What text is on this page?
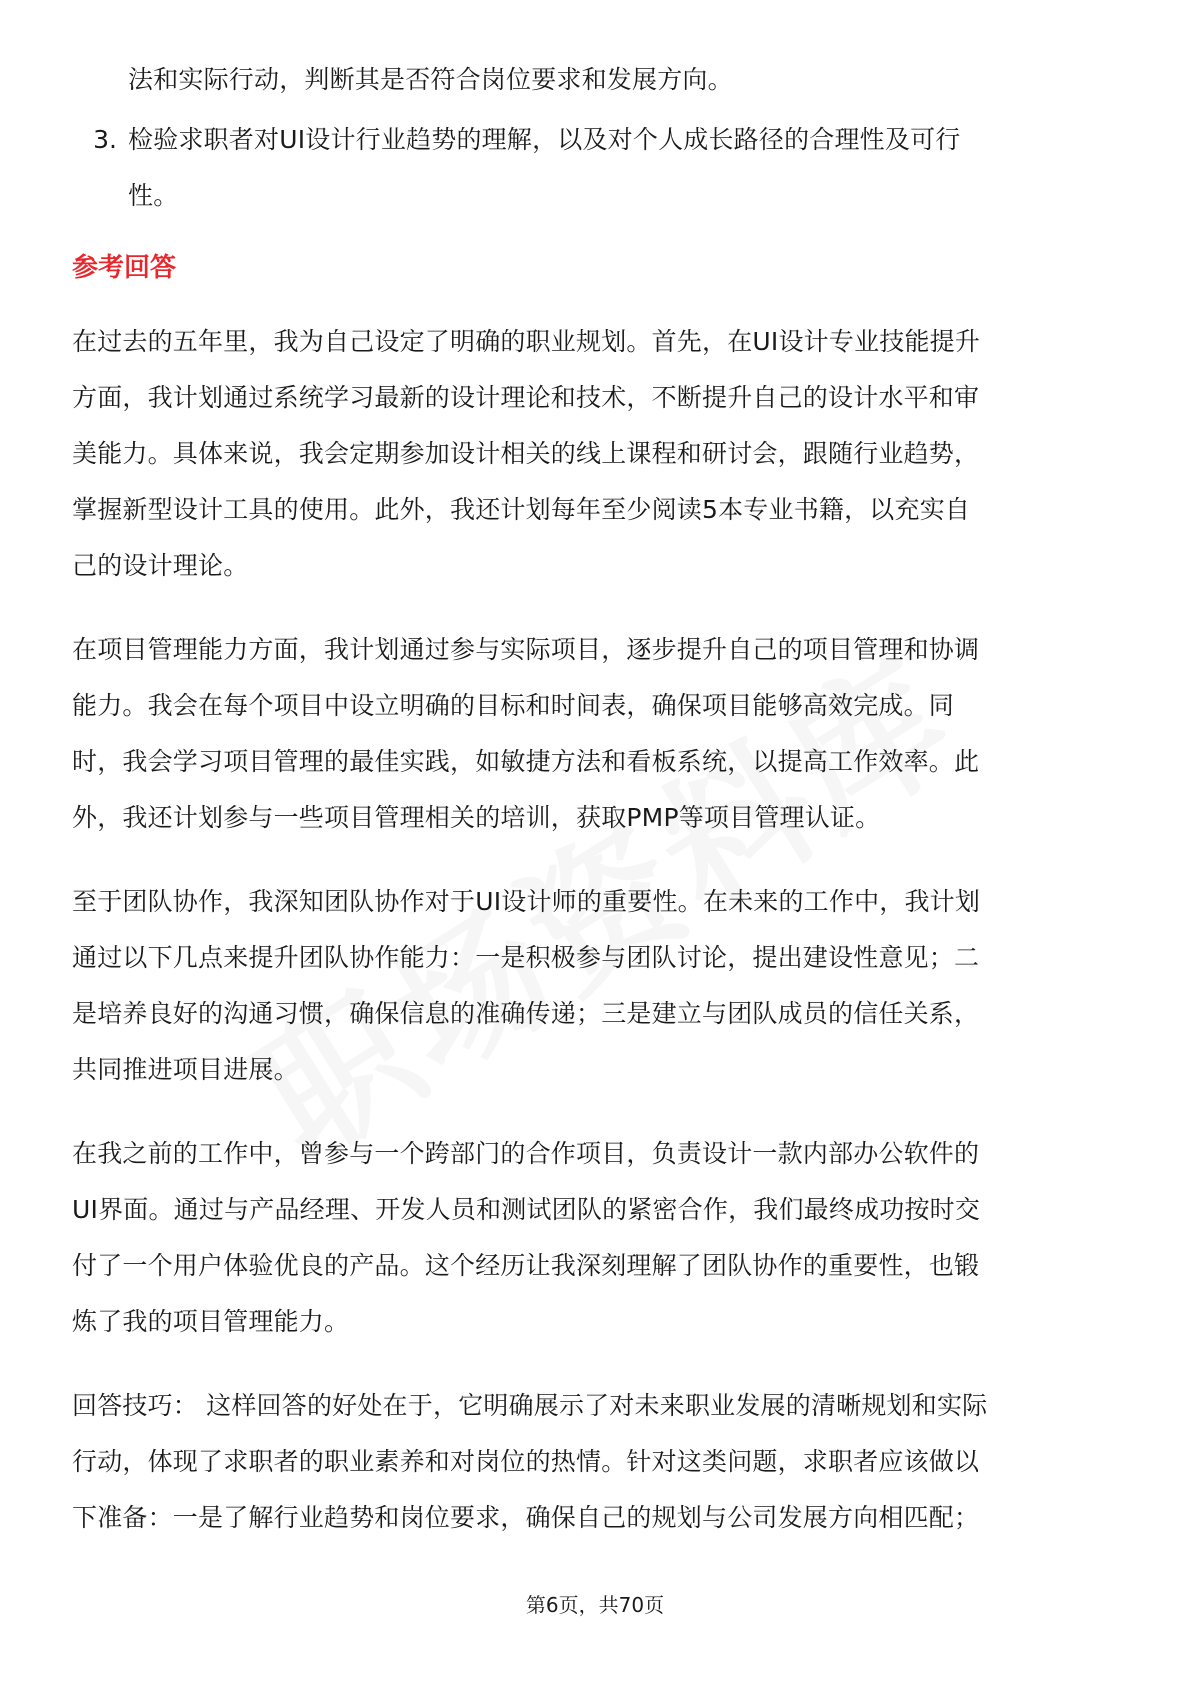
法和实际行动，判断其是否符合岗位要求和发展方向。

3. 检验求职者对UI设计行业趋势的理解，以及对个人成长路径的合理性及可行

性。

参考回答

在过去的五年里，我为自己设定了明确的职业规划。首先，在UI设计专业技能提升

方面，我计划通过系统学习最新的设计理论和技术，不断提升自己的设计水平和审

美能力。具体来说，我会定期参加设计相关的线上课程和研讨会，跟随行业趋势，

掌握新型设计工具的使用。此外，我还计划每年至少阅读5本专业书籍，以充实自

己的设计理论。

在项目管理能力方面，我计划通过参与实际项目，逐步提升自己的项目管理和协调

能力。我会在每个项目中设立明确的目标和时间表，确保项目能够高效完成。同

时，我会学习项目管理的最佳实践，如敏捷方法和看板系统，以提高工作效率。此

外，我还计划参与一些项目管理相关的培训，获取PMP等项目管理认证。

至于团队协作，我深知团队协作对于UI设计师的重要性。在未来的工作中，我计划

通过以下几点来提升团队协作能力：一是积极参与团队讨论，提出建设性意见；二

是培养良好的沟通习惯，确保信息的准确传递；三是建立与团队成员的信任关系，

共同推进项目进展。

在我之前的工作中，曾参与一个跨部门的合作项目，负责设计一款内部办公软件的

UI界面。通过与产品经理、开发人员和测试团队的紧密合作，我们最终成功按时交

付了一个用户体验优良的产品。这个经历让我深刻理解了团队协作的重要性，也锻

炼了我的项目管理能力。

回答技巧： 这样回答的好处在于，它明确展示了对未来职业发展的清晰规划和实际

行动，体现了求职者的职业素养和对岗位的热情。针对这类问题，求职者应该做以

下准备：一是了解行业趋势和岗位要求，确保自己的规划与公司发展方向相匹配；

第6页，共70页
